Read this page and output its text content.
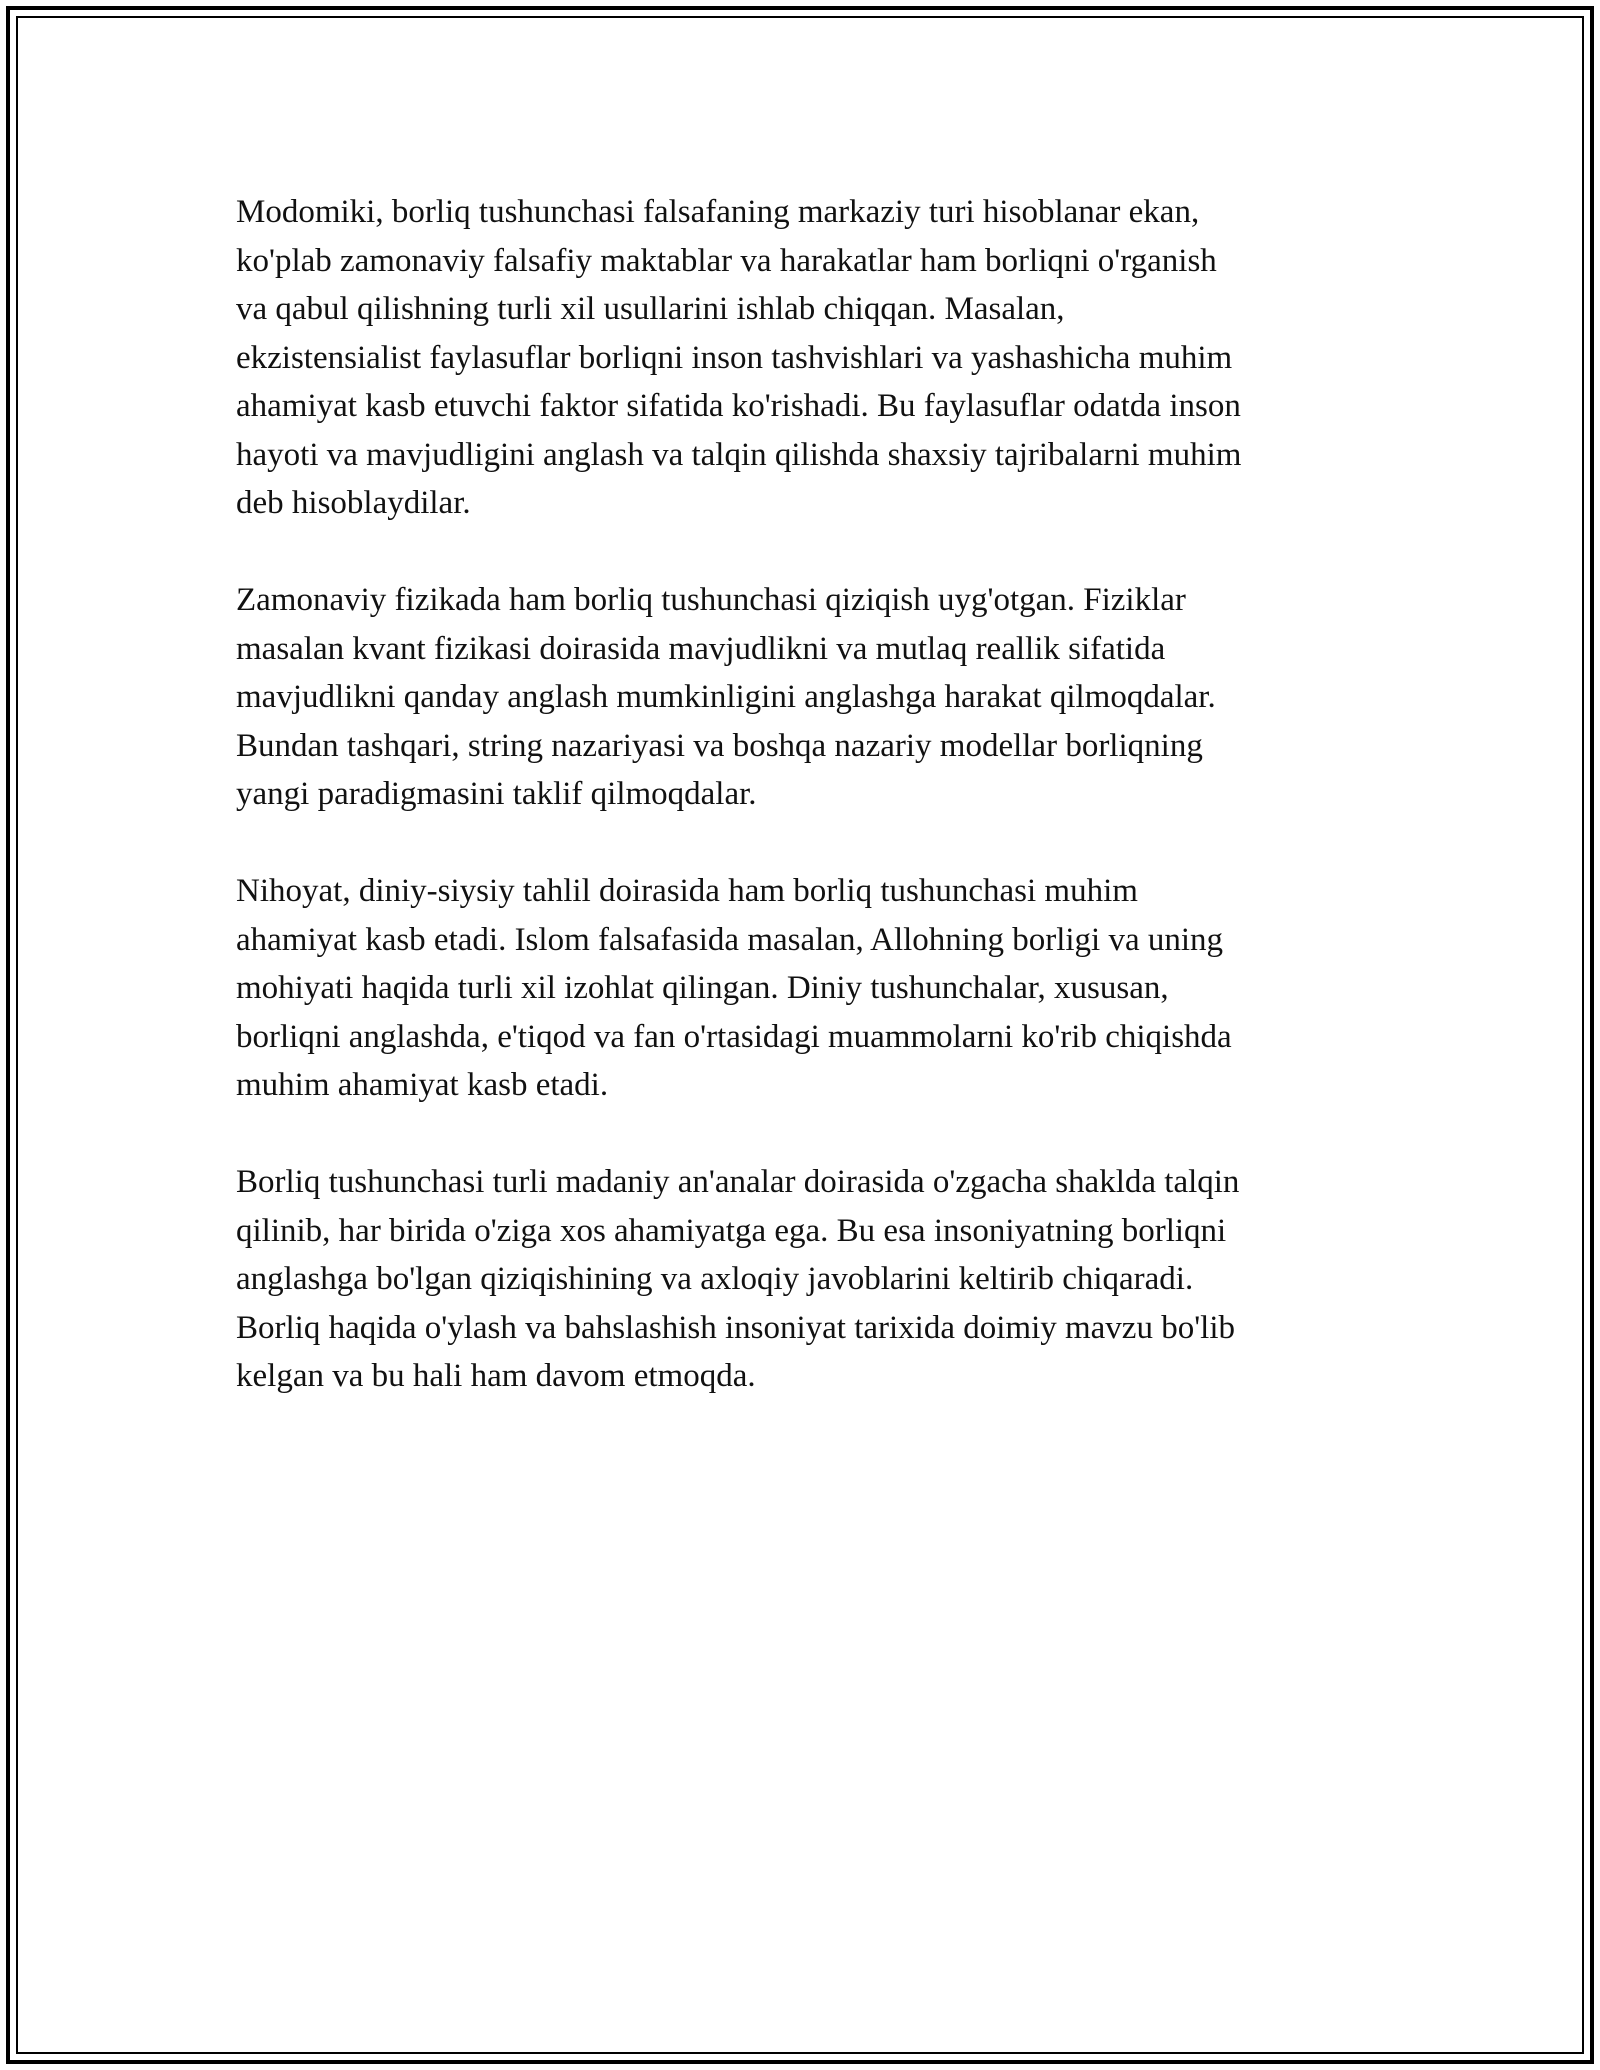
Modomiki, borliq tushunchasi falsafaning markaziy turi hisoblanar ekan,
ko'plab zamonaviy falsafiy maktablar va harakatlar ham borliqni o'rganish
va qabul qilishning turli xil usullarini ishlab chiqqan. Masalan,
ekzistensialist faylasuflar borliqni inson tashvishlari va yashashicha muhim
ahamiyat kasb etuvchi faktor sifatida ko'rishadi. Bu faylasuflar odatda inson
hayoti va mavjudligini anglash va talqin qilishda shaxsiy tajribalarni muhim
deb hisoblaydilar.

Zamonaviy fizikada ham borliq tushunchasi qiziqish uyg'otgan. Fiziklar
masalan kvant fizikasi doirasida mavjudlikni va mutlaq reallik sifatida
mavjudlikni qanday anglash mumkinligini anglashga harakat qilmoqdalar.
Bundan tashqari, string nazariyasi va boshqa nazariy modellar borliqning
yangi paradigmasini taklif qilmoqdalar.

Nihoyat, diniy-siysiy tahlil doirasida ham borliq tushunchasi muhim
ahamiyat kasb etadi. Islom falsafasida masalan, Allohning borligi va uning
mohiyati haqida turli xil izohlat qilingan. Diniy tushunchalar, xususan,
borliqni anglashda, e'tiqod va fan o'rtasidagi muammolarni ko'rib chiqishda
muhim ahamiyat kasb etadi.

Borliq tushunchasi turli madaniy an'analar doirasida o'zgacha shaklda talqin
qilinib, har birida o'ziga xos ahamiyatga ega. Bu esa insoniyatning borliqni
anglashga bo'lgan qiziqishining va axloqiy javoblarini keltirib chiqaradi.
Borliq haqida o'ylash va bahslashish insoniyat tarixida doimiy mavzu bo'lib
kelgan va bu hali ham davom etmoqda.
